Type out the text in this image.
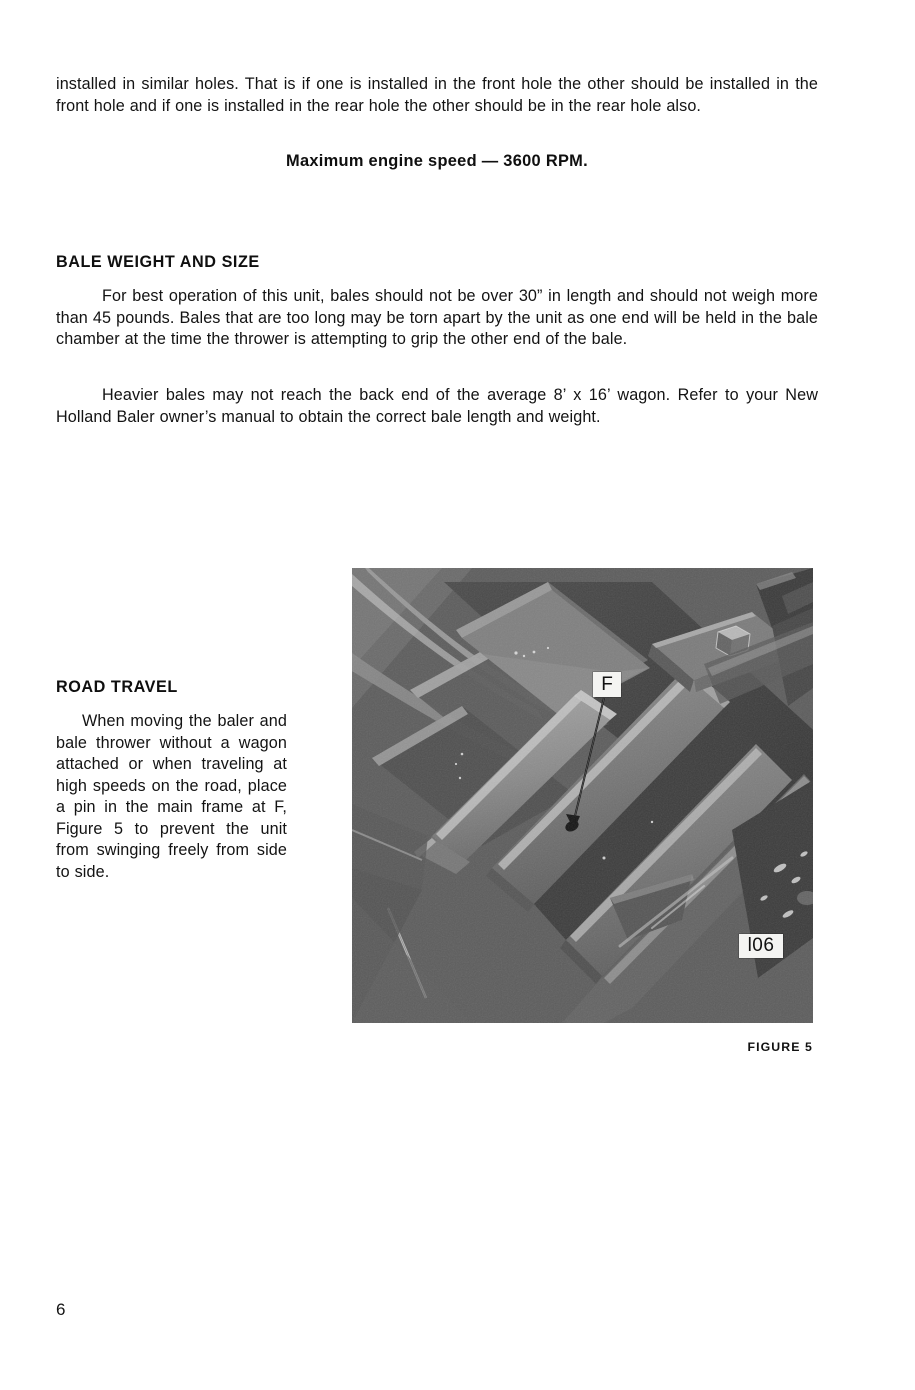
installed in similar holes. That is if one is installed in the front hole the other should be installed in the front hole and if one is installed in the rear hole the other should be in the rear hole also.
Maximum engine speed — 3600 RPM.
BALE WEIGHT AND SIZE
For best operation of this unit, bales should not be over 30” in length and should not weigh more than 45 pounds. Bales that are too long may be torn apart by the unit as one end will be held in the bale chamber at the time the thrower is attempting to grip the other end of the bale.
Heavier bales may not reach the back end of the average 8’ x 16’ wagon. Refer to your New Holland Baler owner’s manual to obtain the correct bale length and weight.
ROAD TRAVEL
When moving the baler and bale thrower without a wagon attached or when traveling at high speeds on the road, place a pin in the main frame at F, Figure 5 to prevent the unit from swinging freely from side to side.
F
l06
FIGURE 5
6
